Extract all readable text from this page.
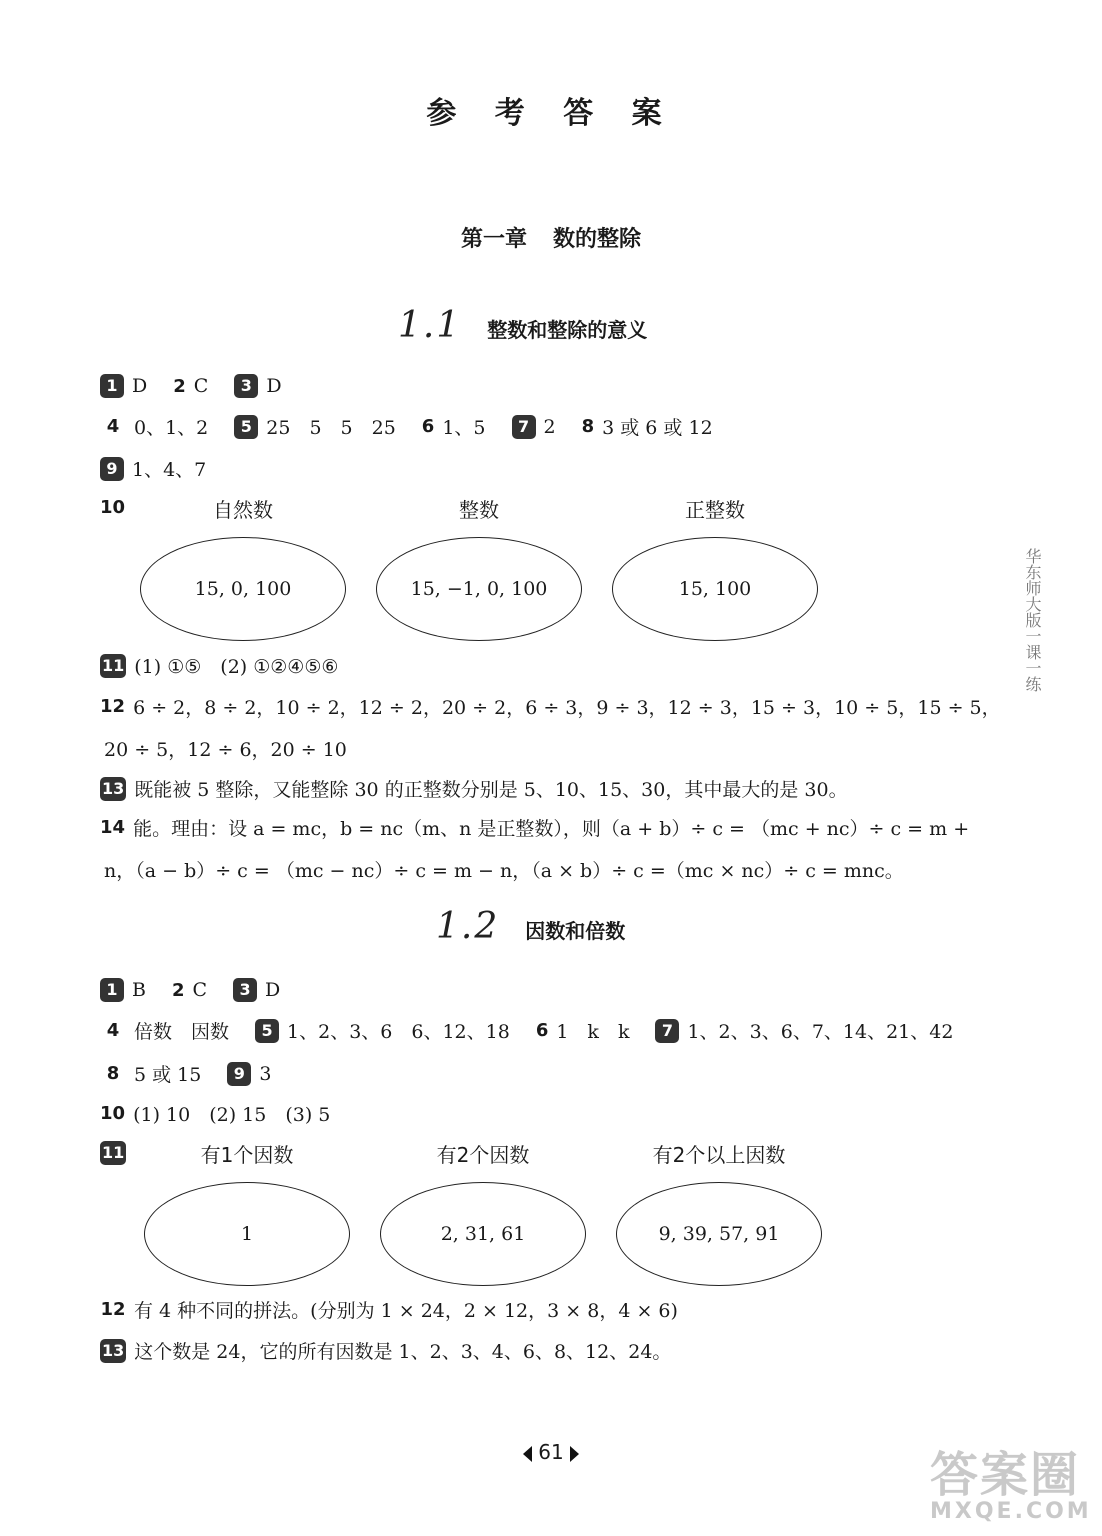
参 考 答 案
第一章 数的整除
1.1 整数和整除的意义
1 D 2 C	3 D
4 0、1、2	5 25　5　5　25 6 1、5	7 2 8 3 或 6 或 12
9 1、4、7
10	自然数
15, 0, 100
整数
15, −1, 0, 100
正整数
15, 100
11 (1) ①⑤　(2) ①②④⑤⑥
12 6 ÷ 2，8 ÷ 2，10 ÷ 2，12 ÷ 2，20 ÷ 2，6 ÷ 3，9 ÷ 3，12 ÷ 3，15 ÷ 3，10 ÷ 5，15 ÷ 5，
20 ÷ 5，12 ÷ 6，20 ÷ 10
13 既能被 5 整除，又能整除 30 的正整数分别是 5、10、15、30，其中最大的是 30。
14 能。理由：设 a = mc，b = nc（m、n 是正整数），则（a + b）÷ c = （mc + nc）÷ c = m +
n，（a − b）÷ c = （mc − nc）÷ c = m − n，（a × b）÷ c =（mc × nc）÷ c = mnc。
1.2 因数和倍数
1 B 2 C	3 D
4 倍数　因数	5 1、2、3、6　6、12、18 6 1　k　k	7 1、2、3、6、7、14、21、42
8 5 或 15	9 3
10 (1) 10　(2) 15　(3) 5
11	有1个因数
1
有2个因数
2, 31, 61
有2个以上因数
9, 39, 57, 91
12 有 4 种不同的拼法。(分别为 1 × 24，2 × 12，3 × 8，4 × 6)
13 这个数是 24，它的所有因数是 1、2、3、4、6、8、12、24。
华东师大版一课一练
61	答案圈
MXQE.COM
